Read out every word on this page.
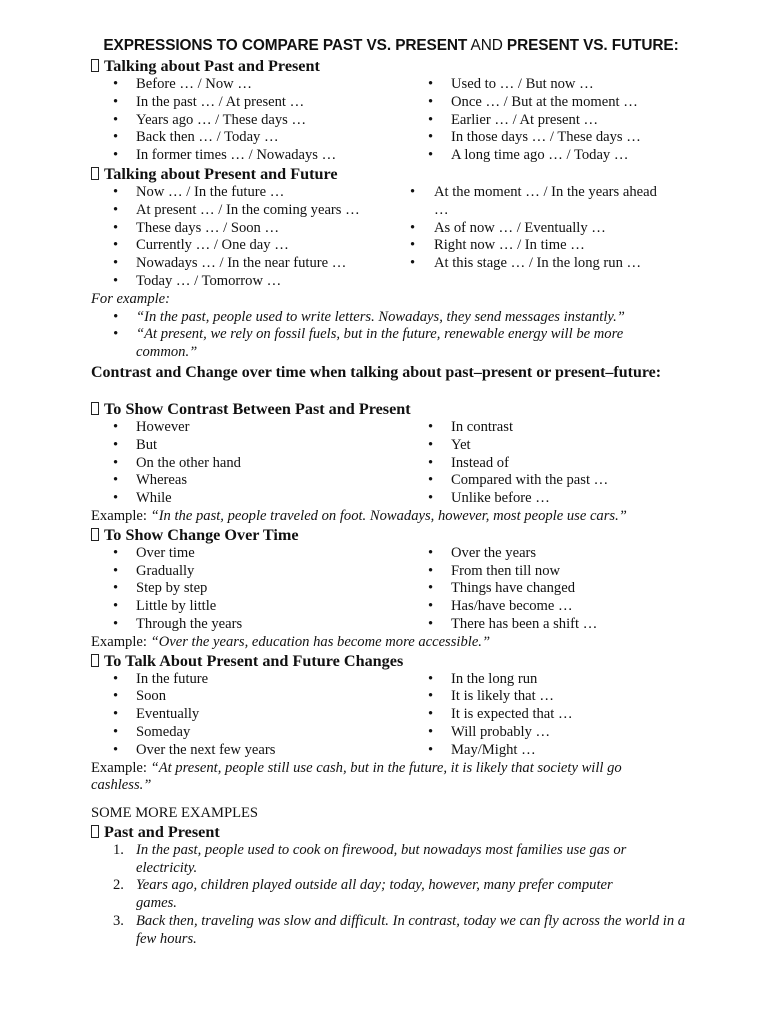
EXPRESSIONS TO COMPARE PAST VS. PRESENT AND PRESENT VS. FUTURE:
Talking about Past and Present
• Before … / Now …
• In the past … / At present …
• Years ago … / These days …
• Back then … / Today …
• In former times … / Nowadays …
• Used to … / But now …
• Once … / But at the moment …
• Earlier … / At present …
• In those days … / These days …
• A long time ago … / Today …
Talking about Present and Future
• Now … / In the future …
• At present … / In the coming years …
• These days … / Soon …
• Currently … / One day …
• Nowadays … / In the near future …
• Today … / Tomorrow …
• At the moment … / In the years ahead …
• As of now … / Eventually …
• Right now … / In time …
• At this stage … / In the long run …

For example:

• “In the past, people used to write letters. Nowadays, they send messages instantly.”
• “At present, we rely on fossil fuels, but in the future, renewable energy will be more common.”

Contrast and Change over time when talking about past–present or present–future:

To Show Contrast Between Past and Present
• However
• But
• On the other hand
• Whereas
• While
• In contrast
• Yet
• Instead of
• Compared with the past …
• Unlike before …

Example: “In the past, people traveled on foot. Nowadays, however, most people use cars.”

To Show Change Over Time
• Over time
• Gradually
• Step by step
• Little by little
• Through the years
• Over the years
• From then till now
• Things have changed
• Has/have become …
• There has been a shift …

Example: “Over the years, education has become more accessible.”

To Talk About Present and Future Changes
• In the future
• Soon
• Eventually
• Someday
• Over the next few years
• In the long run
• It is likely that …
• It is expected that …
• Will probably …
• May/Might …

Example: “At present, people still use cash, but in the future, it is likely that society will go cashless.”

SOME MORE EXAMPLES

Past and Present
1. In the past, people used to cook on firewood, but nowadays most families use gas or electricity.
2. Years ago, children played outside all day; today, however, many prefer computer games.
3. Back then, traveling was slow and difficult. In contrast, today we can fly across the world in a few hours.
